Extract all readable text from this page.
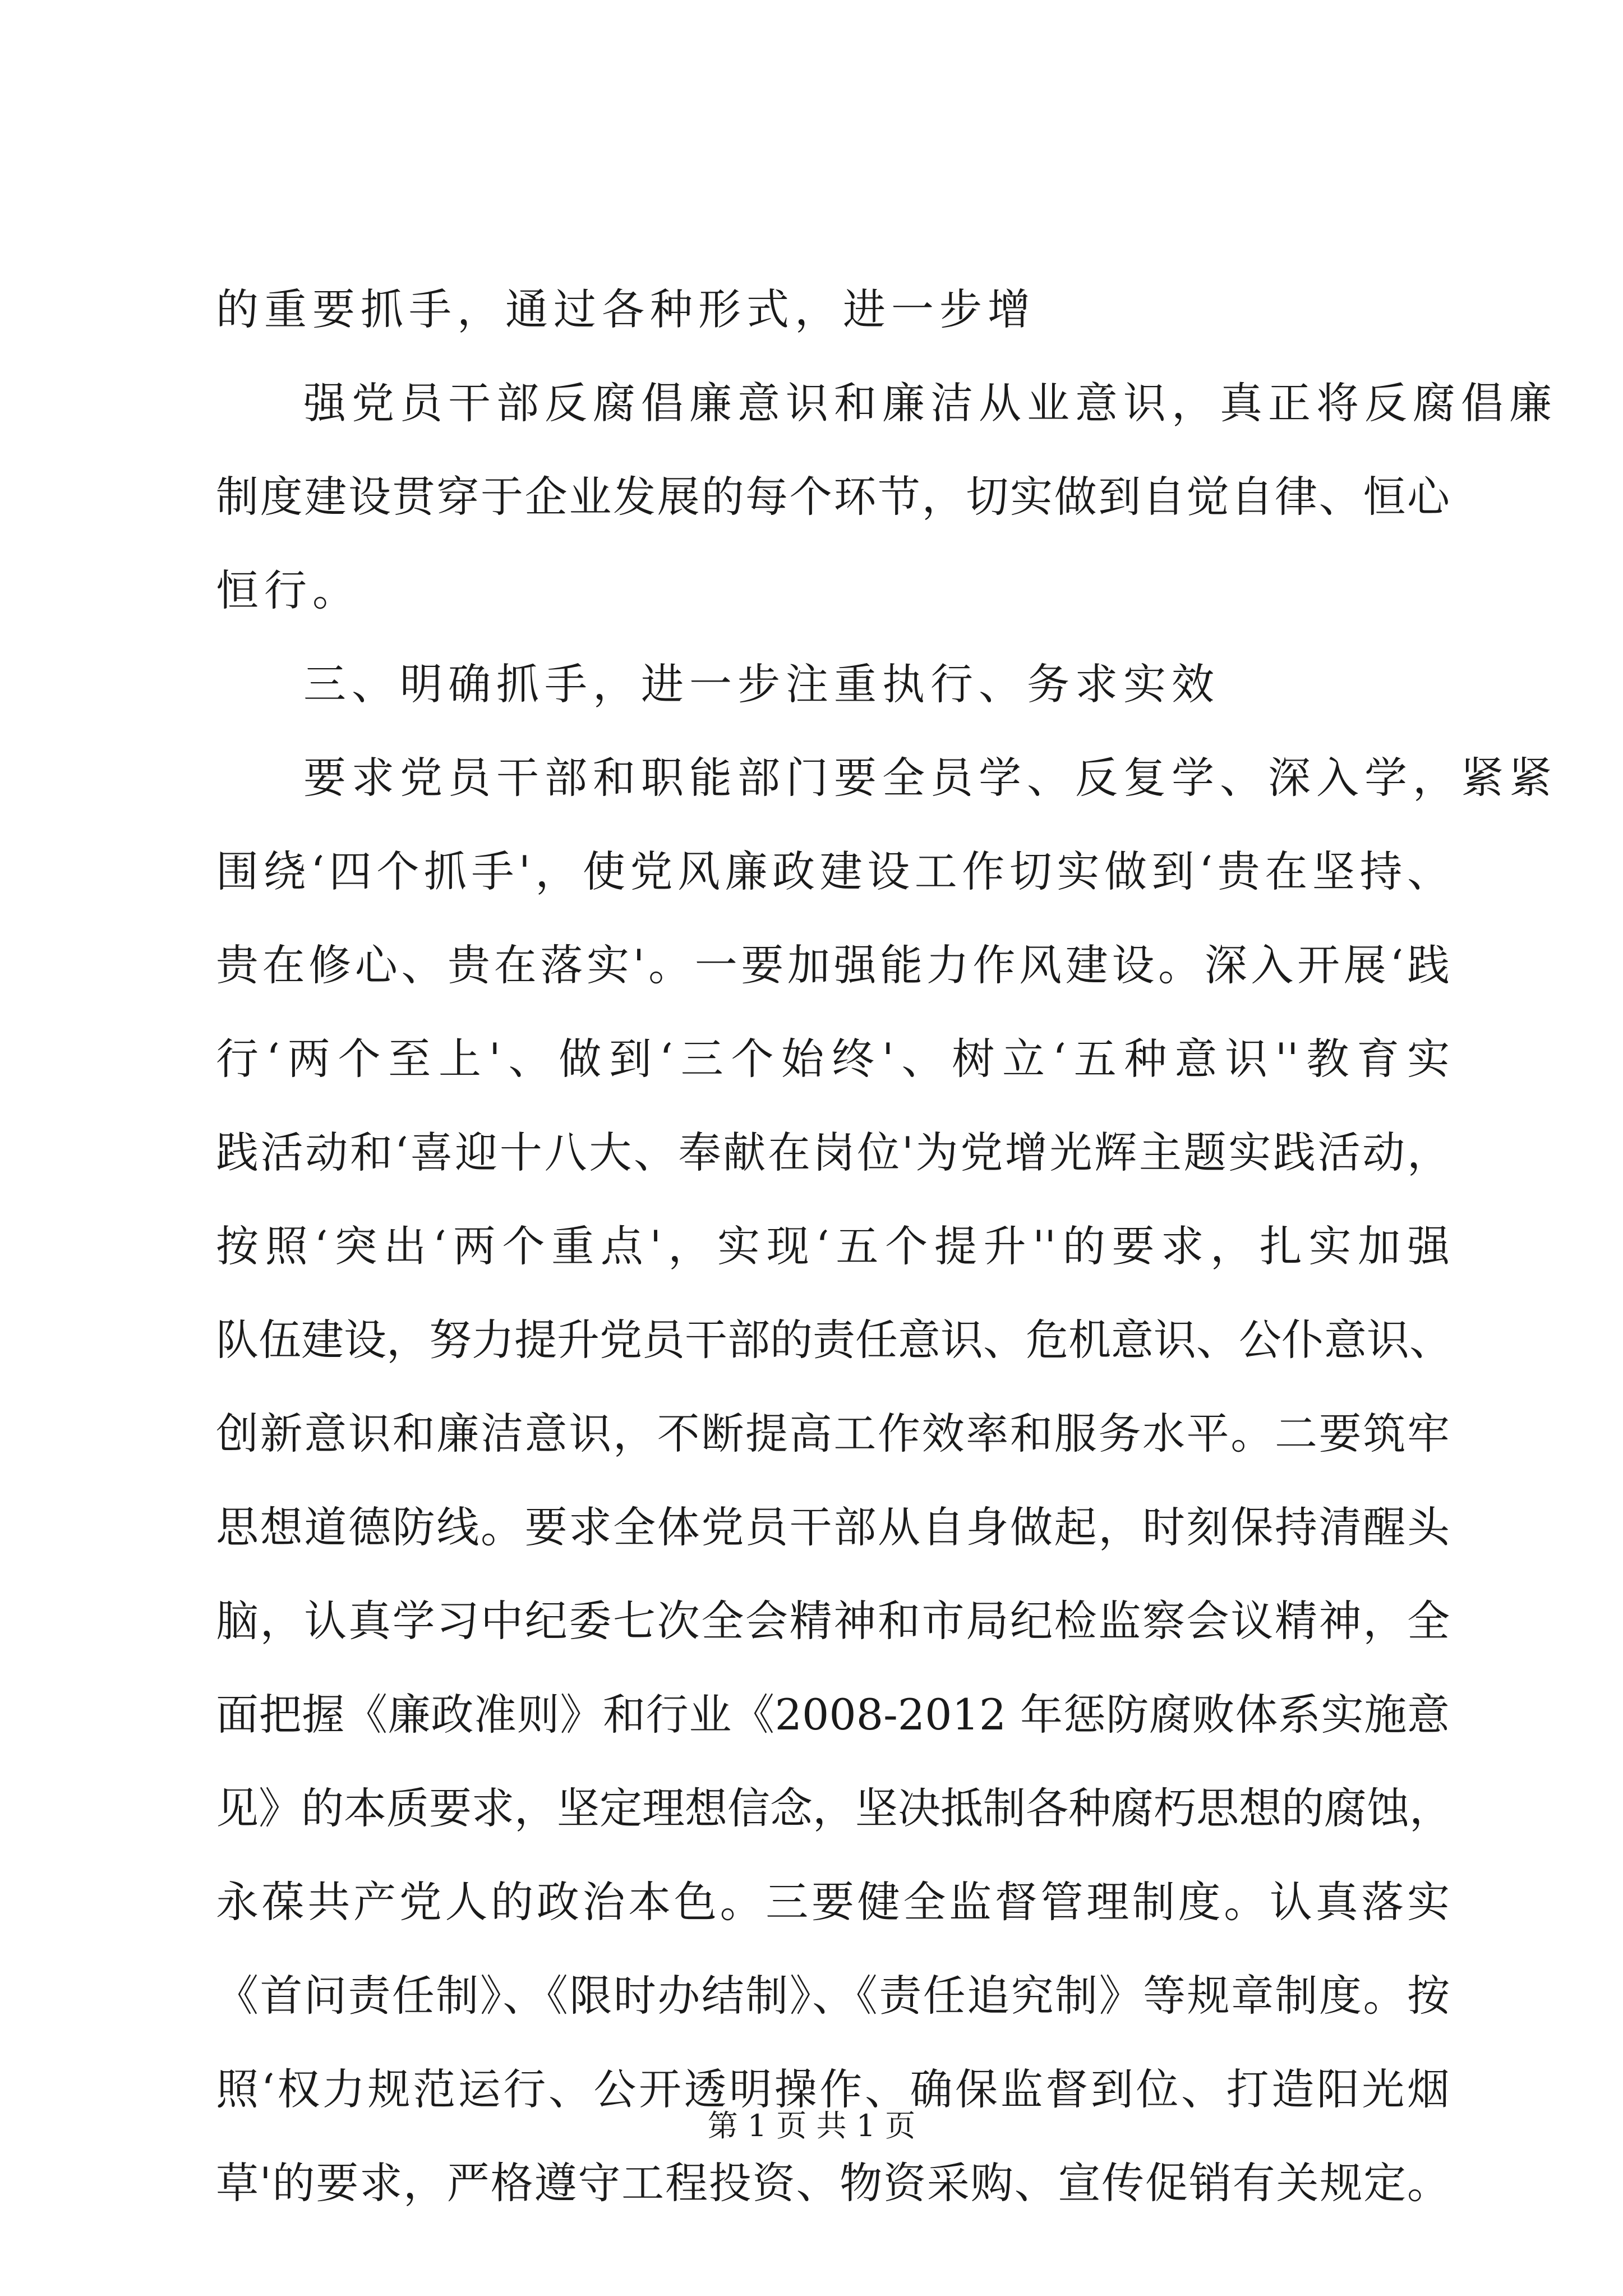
的重要抓手，通过各种形式，进一步增
强党员干部反腐倡廉意识和廉洁从业意识，真正将反腐倡廉
制度建设贯穿于企业发展的每个环节，切实做到自觉自律、恒心
恒行。
三、明确抓手，进一步注重执行、务求实效
要求党员干部和职能部门要全员学、反复学、深入学，紧紧
围绕‘四个抓手'，使党风廉政建设工作切实做到‘贵在坚持、
贵在修心、贵在落实'。一要加强能力作风建设。深入开展‘践
行‘两个至上'、做到‘三个始终'、树立‘五种意识''教育实
践活动和‘喜迎十八大、奉献在岗位'为党增光辉主题实践活动，
按照‘突出‘两个重点'，实现‘五个提升''的要求，扎实加强
队伍建设，努力提升党员干部的责任意识、危机意识、公仆意识、
创新意识和廉洁意识，不断提高工作效率和服务水平。二要筑牢
思想道德防线。要求全体党员干部从自身做起，时刻保持清醒头
脑，认真学习中纪委七次全会精神和市局纪检监察会议精神，全
面把握《廉政准则》和行业《2008-2012 年惩防腐败体系实施意
见》的本质要求，坚定理想信念，坚决抵制各种腐朽思想的腐蚀，
永葆共产党人的政治本色。三要健全监督管理制度。认真落实
《首问责任制》、《限时办结制》、《责任追究制》等规章制度。按
照‘权力规范运行、公开透明操作、确保监督到位、打造阳光烟
草'的要求，严格遵守工程投资、物资采购、宣传促销有关规定。
第 1 页 共 1 页
